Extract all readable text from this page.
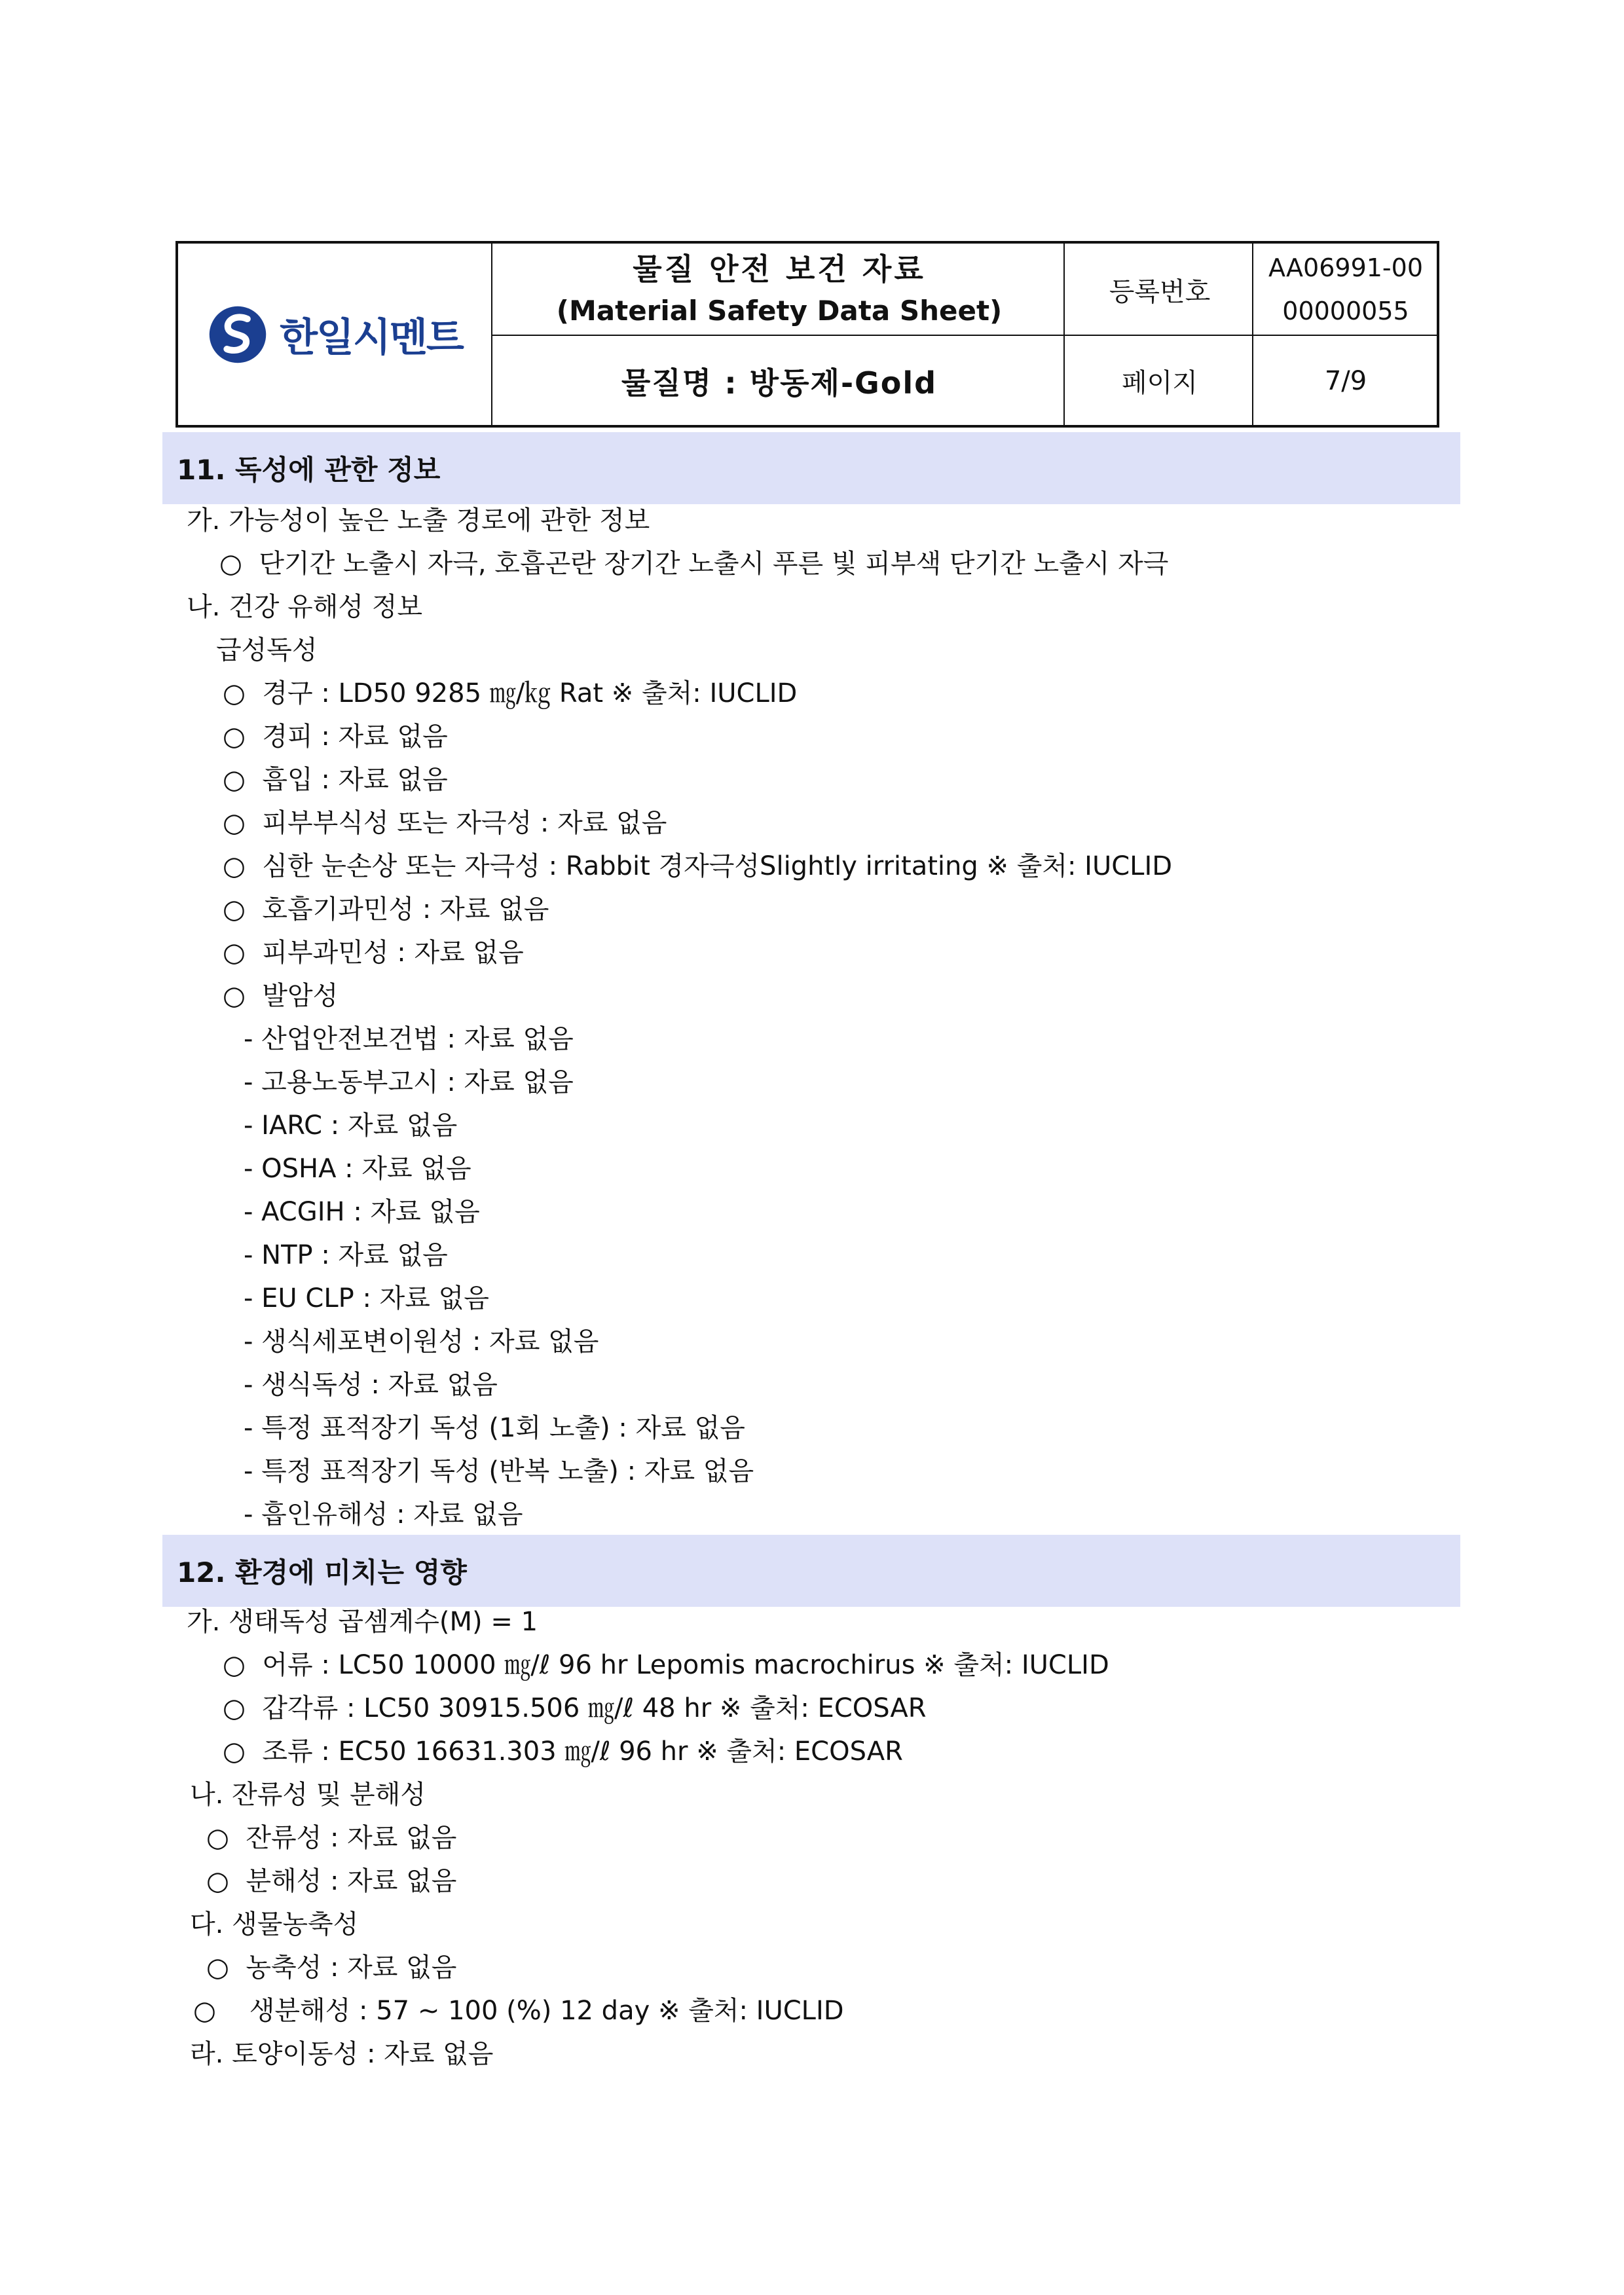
한일시멘트
물질 안전 보건 자료
(Material Safety Data Sheet)
물질명 : 방동제-Gold
등록번호
AA06991-00
00000055
페이지	7/9
11. 독성에 관한 정보
가. 가능성이 높은 노출 경로에 관한 정보
○  단기간 노출시 자극, 호흡곤란 장기간 노출시 푸른 빛 피부색 단기간 노출시 자극
나. 건강 유해성 정보
급성독성
○  경구 : LD50 9285 ㎎/㎏ Rat ※ 출처: IUCLID
○  경피 : 자료 없음
○  흡입 : 자료 없음
○  피부부식성 또는 자극성 : 자료 없음
○  심한 눈손상 또는 자극성 : Rabbit 경자극성Slightly irritating ※ 출처: IUCLID
○  호흡기과민성 : 자료 없음
○  피부과민성 : 자료 없음
○  발암성
- 산업안전보건법 : 자료 없음
- 고용노동부고시 : 자료 없음
- IARC : 자료 없음
- OSHA : 자료 없음
- ACGIH : 자료 없음
- NTP : 자료 없음
- EU CLP : 자료 없음
- 생식세포변이원성 : 자료 없음
- 생식독성 : 자료 없음
- 특정 표적장기 독성 (1회 노출) : 자료 없음
- 특정 표적장기 독성 (반복 노출) : 자료 없음
- 흡인유해성 : 자료 없음
12. 환경에 미치는 영향
가. 생태독성 곱셈계수(M) = 1
○  어류 : LC50 10000 ㎎/ℓ 96 hr Lepomis macrochirus ※ 출처: IUCLID
○  갑각류 : LC50 30915.506 ㎎/ℓ 48 hr ※ 출처: ECOSAR
○  조류 : EC50 16631.303 ㎎/ℓ 96 hr ※ 출처: ECOSAR
나. 잔류성 및 분해성
○  잔류성 : 자료 없음
○  분해성 : 자료 없음
다. 생물농축성
○  농축성 : 자료 없음
○    생분해성 : 57 ~ 100 (%) 12 day ※ 출처: IUCLID
라. 토양이동성 : 자료 없음
